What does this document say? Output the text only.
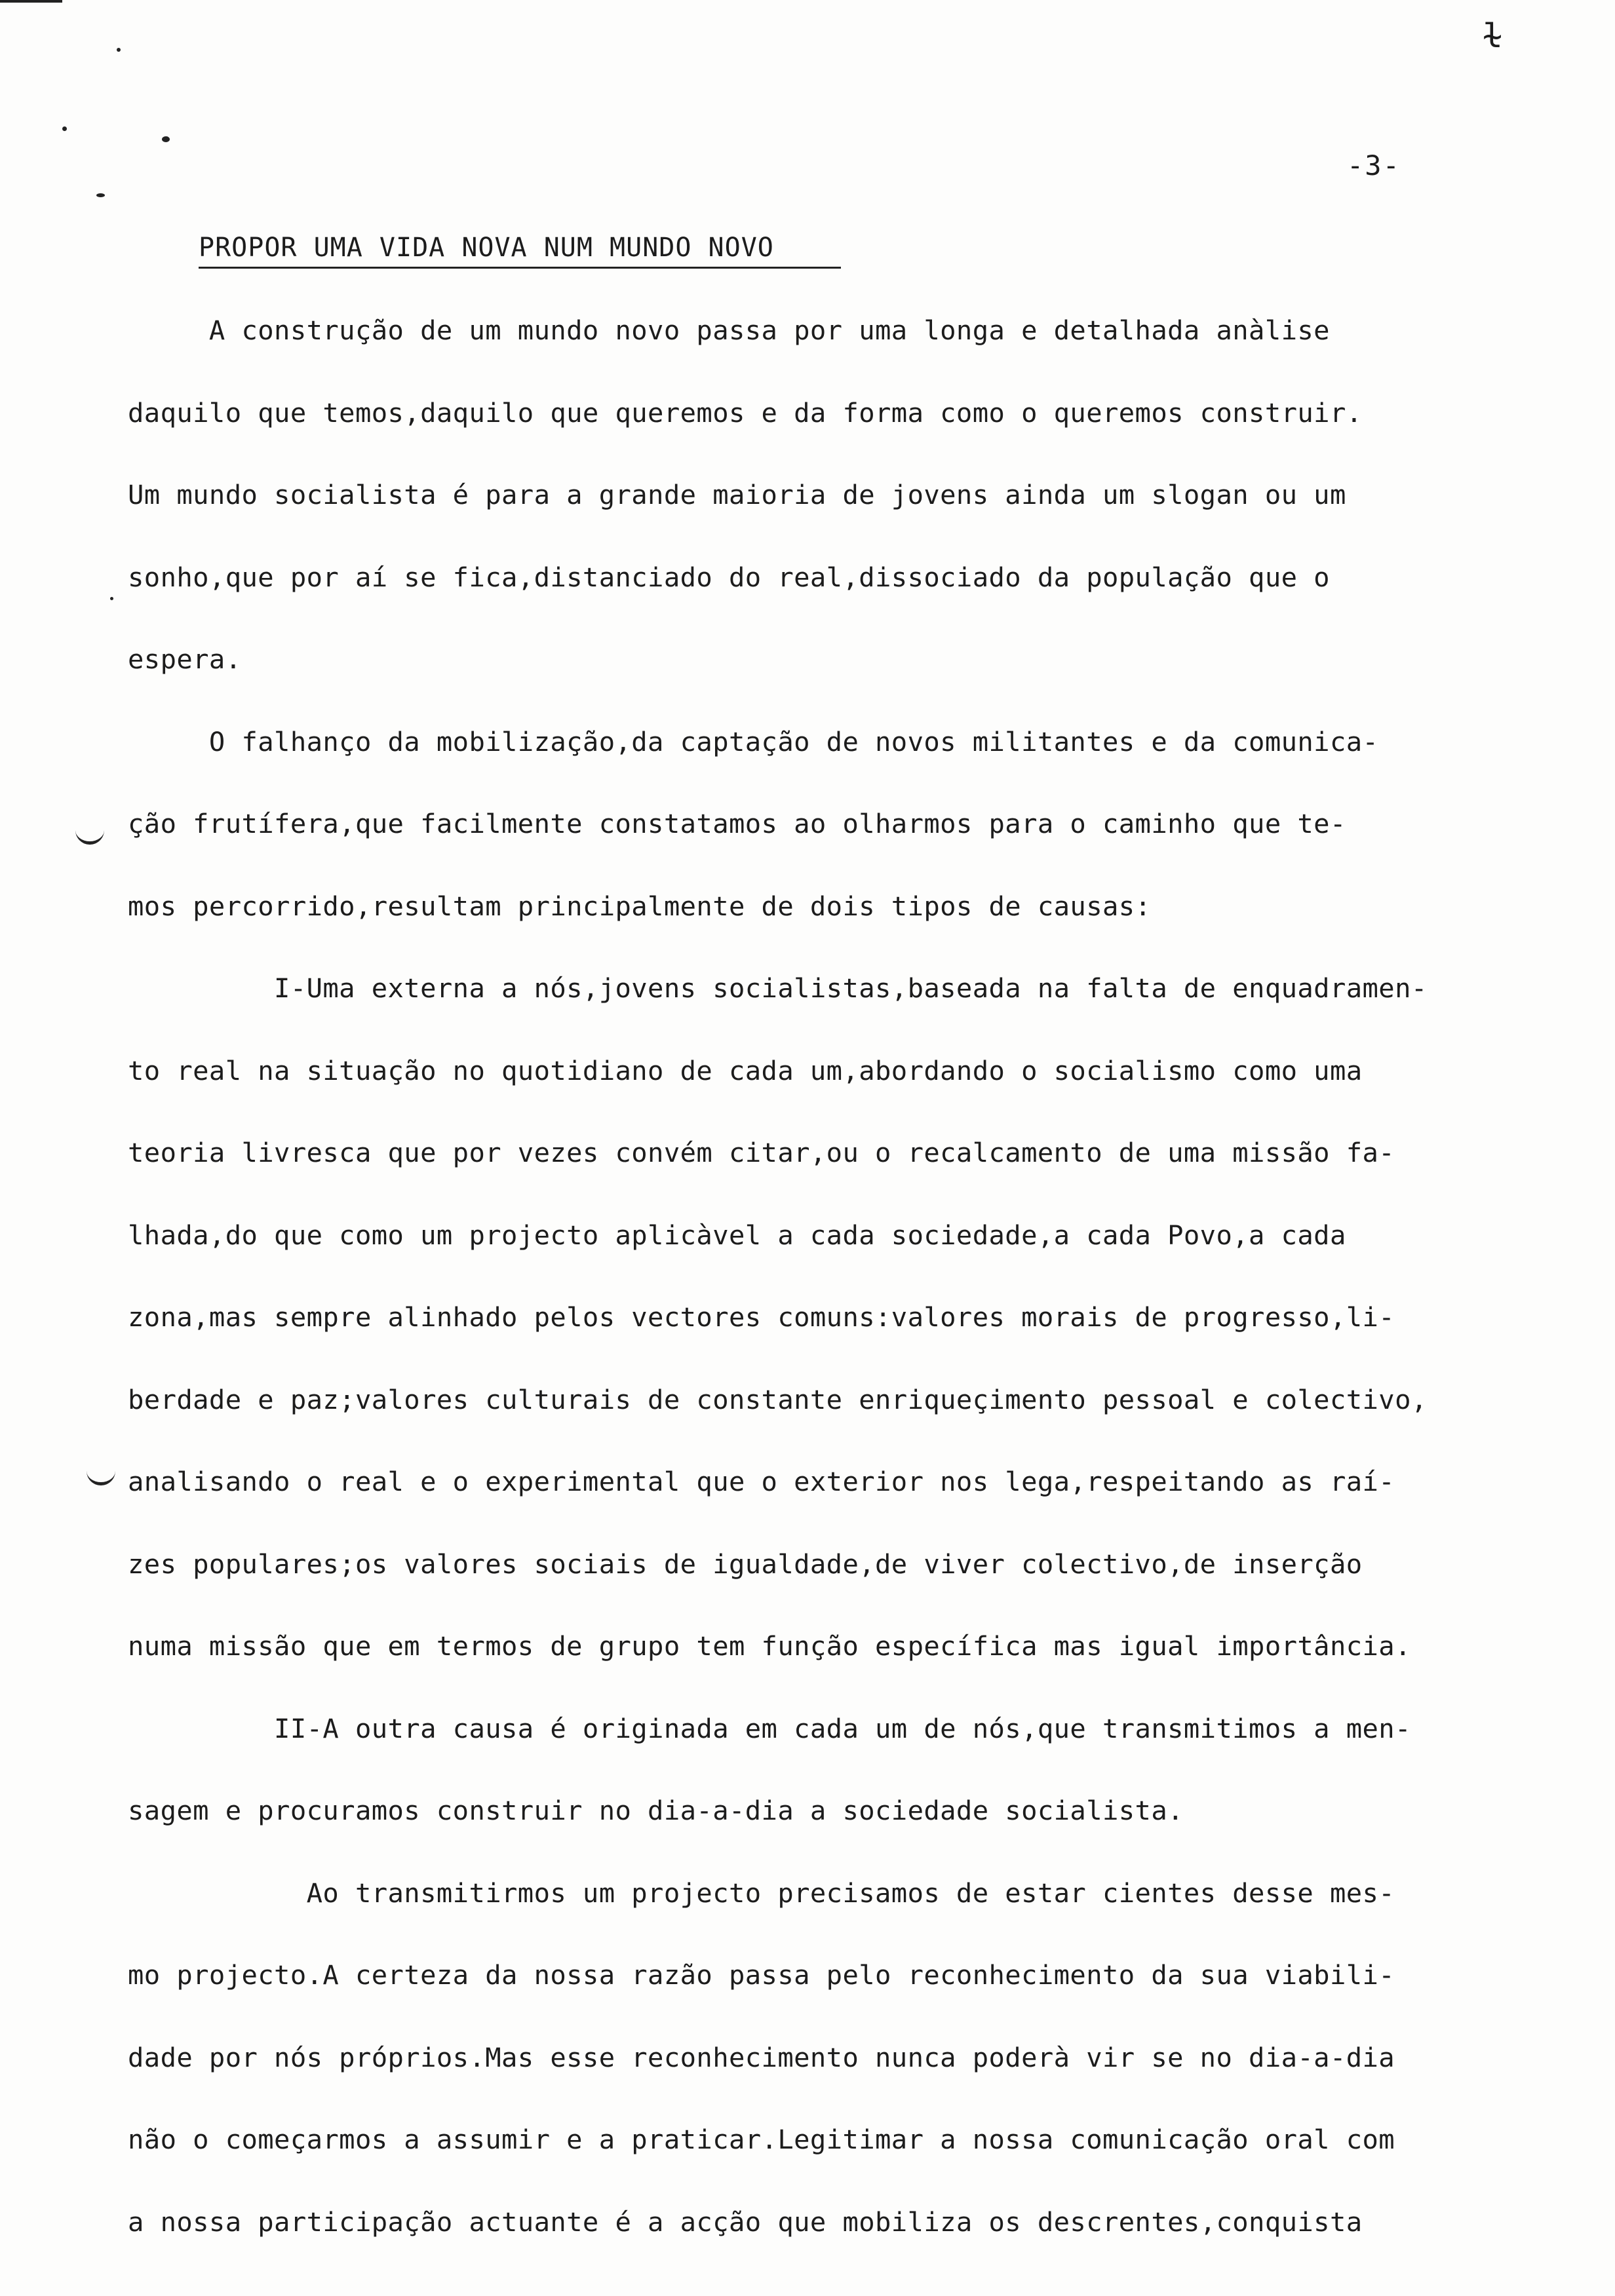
ɫ
-3-
PROPOR UMA VIDA NOVA NUM MUNDO NOVO
A construção de um mundo novo passa por uma longa e detalhada anàlise
daquilo que temos,daquilo que queremos e da forma como o queremos construir.
Um mundo socialista é para a grande maioria de jovens ainda um slogan ou um
sonho,que por aí se fica,distanciado do real,dissociado da população que o
espera.
O falhanço da mobilização,da captação de novos militantes e da comunica-
ção frutífera,que facilmente constatamos ao olharmos para o caminho que te-
mos percorrido,resultam principalmente de dois tipos de causas:
I-Uma externa a nós,jovens socialistas,baseada na falta de enquadramen-
to real na situação no quotidiano de cada um,abordando o socialismo como uma
teoria livresca que por vezes convém citar,ou o recalcamento de uma missão fa-
lhada,do que como um projecto aplicàvel a cada sociedade,a cada Povo,a cada
zona,mas sempre alinhado pelos vectores comuns:valores morais de progresso,li-
berdade e paz;valores culturais de constante enriqueçimento pessoal e colectivo,
analisando o real e o experimental que o exterior nos lega,respeitando as raí-
zes populares;os valores sociais de igualdade,de viver colectivo,de inserção
numa missão que em termos de grupo tem função específica mas igual importância.
II-A outra causa é originada em cada um de nós,que transmitimos a men-
sagem e procuramos construir no dia-a-dia a sociedade socialista.
Ao transmitirmos um projecto precisamos de estar cientes desse mes-
mo projecto.A certeza da nossa razão passa pelo reconhecimento da sua viabili-
dade por nós próprios.Mas esse reconhecimento nunca poderà vir se no dia-a-dia
não o começarmos a assumir e a praticar.Legitimar a nossa comunicação oral com
a nossa participação actuante é a acção que mobiliza os descrentes,conquista
